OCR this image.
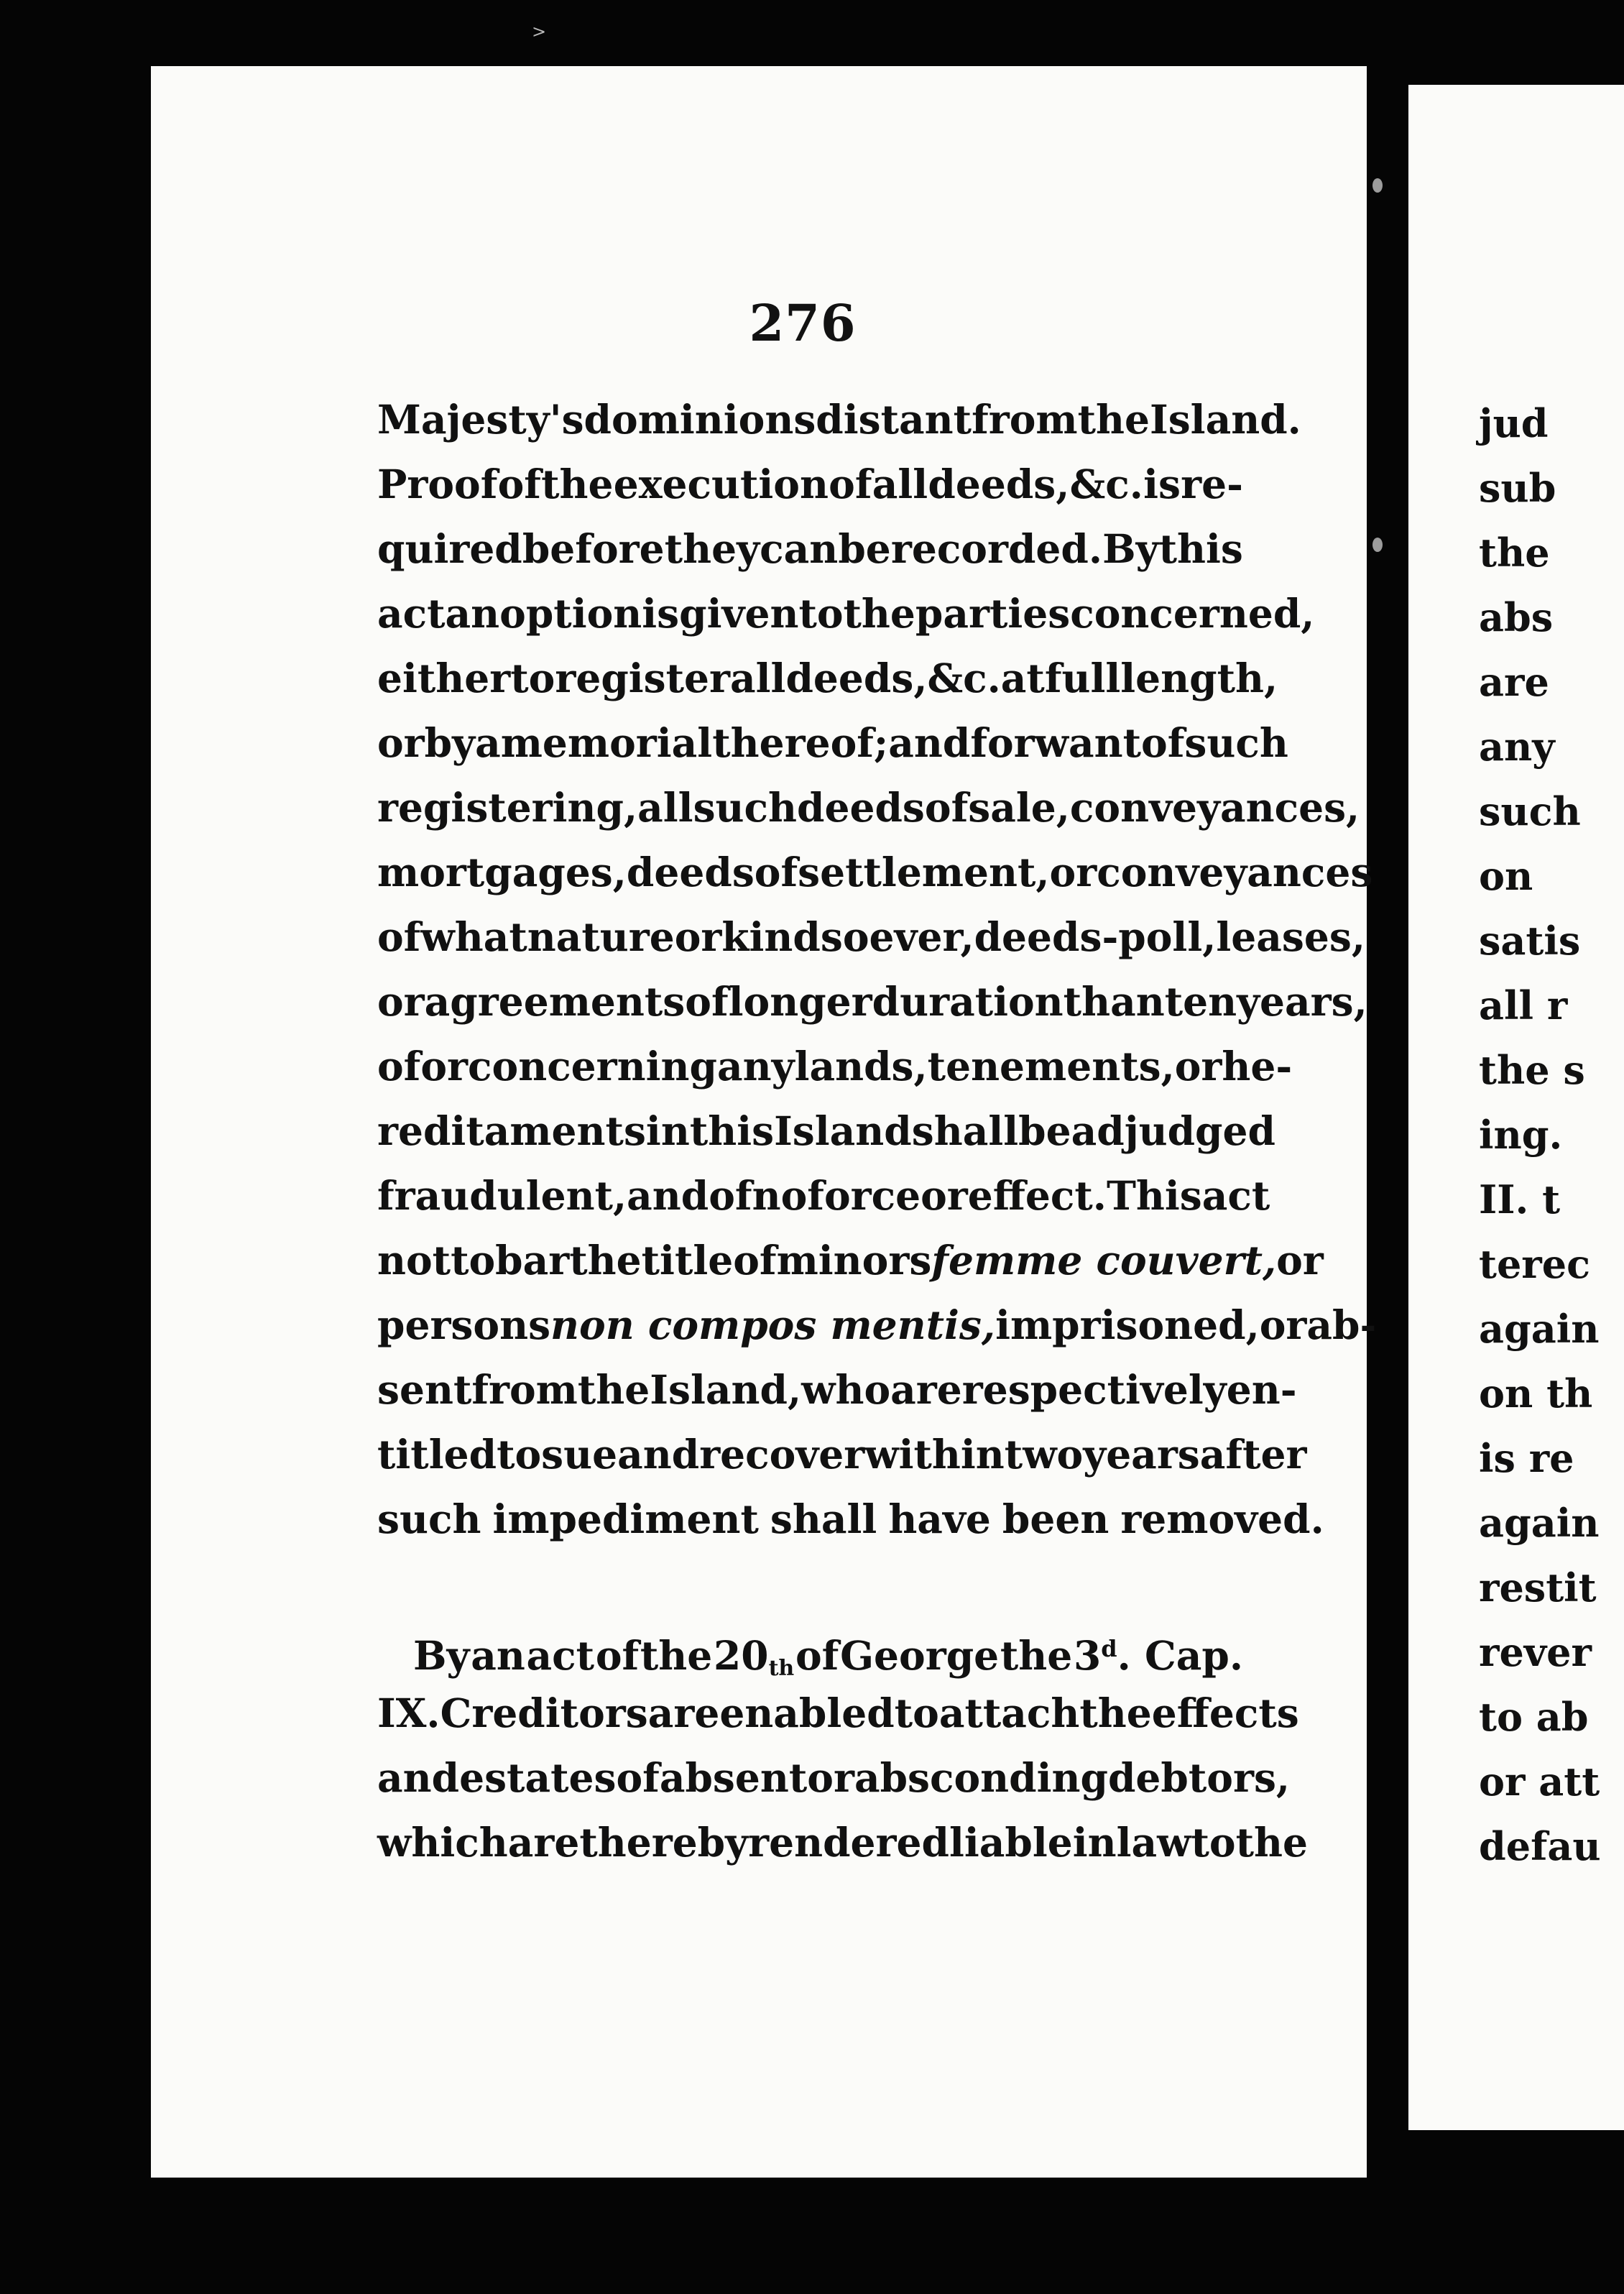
>
276
Majesty's dominions distant from the Island.
Proof of the execution of all deeds, &c. is re-
quired before they can be recorded. By this
act an option is given to the parties concerned,
either to register all deeds, &c. at full length,
or by a memorial thereof; and for want of such
registering, all such deeds of sale, conveyances,
mortgages, deeds of settlement, or conveyances
of what nature or kind soever, deeds-poll, leases,
or agreements of longer duration than ten years,
of or concerning any lands, tenements, or he-
reditaments in this Island shall be adjudged
fraudulent, and of no force or effect. This act
not to bar the title of minors femme couvert, or
persons non compos mentis, imprisoned, or ab-
sent from the Island, who are respectively en-
titled to sue and recover within two years after
such impediment shall have been removed.
By an act of the $20_{th}$ of George the 3$^d$. Cap.
IX. Creditors are enabled to attach the effects
and estates of absent or absconding debtors,
which are thereby rendered liable in law to the
jud
sub
the
abs
are
any
such
on
satis
all r
the s
ing.
II. t
terec
again
on th
is re
again
restit
rever
to ab
or att
defau
